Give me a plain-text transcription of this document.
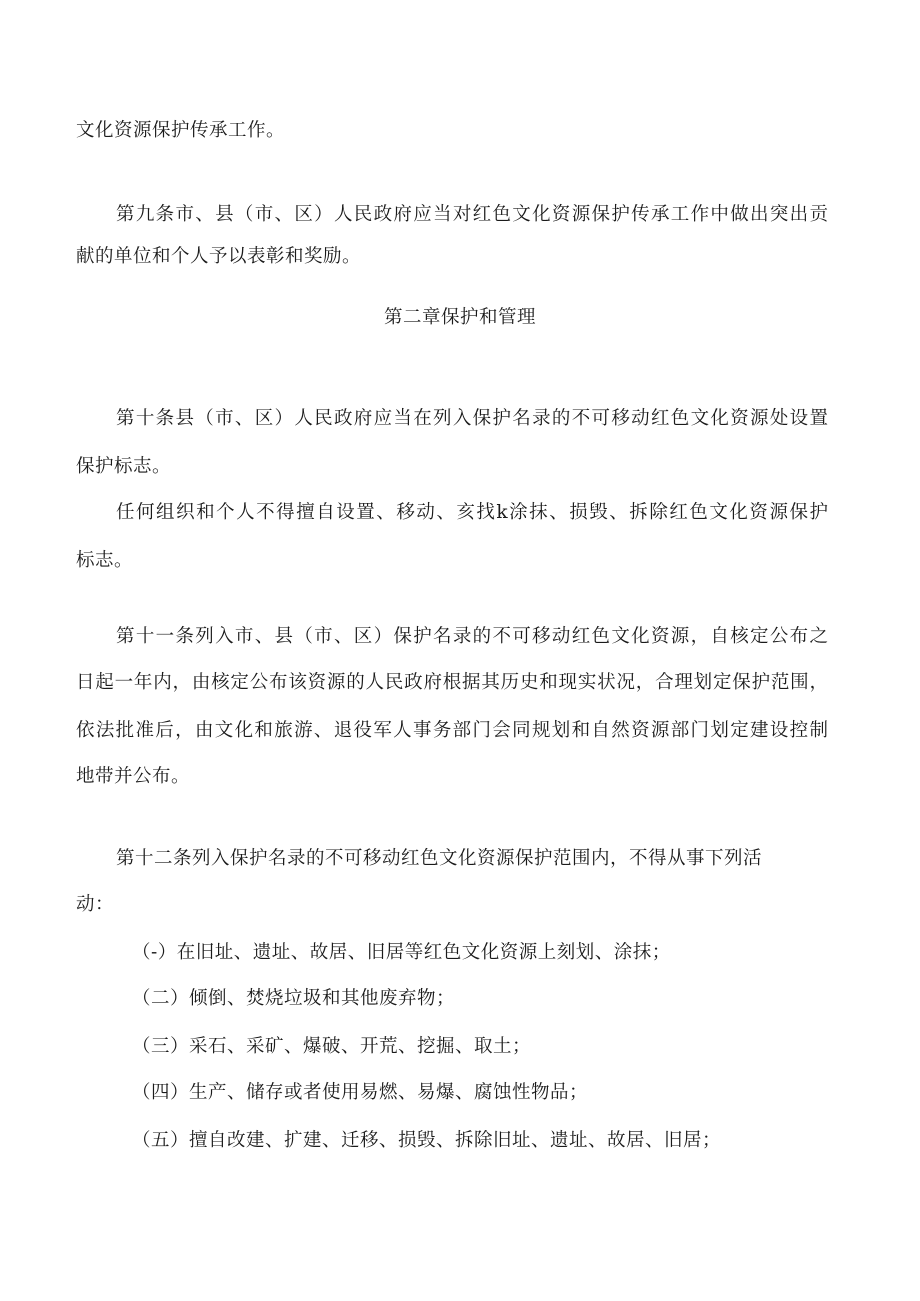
文化资源保护传承工作。
第九条市、县（市、区）人民政府应当对红色文化资源保护传承工作中做出突出贡
献的单位和个人予以表彰和奖励。
第二章保护和管理
第十条县（市、区）人民政府应当在列入保护名录的不可移动红色文化资源处设置
保护标志。
任何组织和个人不得擅自设置、移动、亥找k涂抹、损毁、拆除红色文化资源保护
标志。
第十一条列入市、县（市、区）保护名录的不可移动红色文化资源，自核定公布之
日起一年内，由核定公布该资源的人民政府根据其历史和现实状况，合理划定保护范围，
依法批准后，由文化和旅游、退役军人事务部门会同规划和自然资源部门划定建设控制
地带并公布。
第十二条列入保护名录的不可移动红色文化资源保护范围内，不得从事下列活
动：
（-）在旧址、遗址、故居、旧居等红色文化资源上刻划、涂抹；
（二）倾倒、焚烧垃圾和其他废弃物；
（三）采石、采矿、爆破、开荒、挖掘、取土；
（四）生产、储存或者使用易燃、易爆、腐蚀性物品；
（五）擅自改建、扩建、迁移、损毁、拆除旧址、遗址、故居、旧居；
